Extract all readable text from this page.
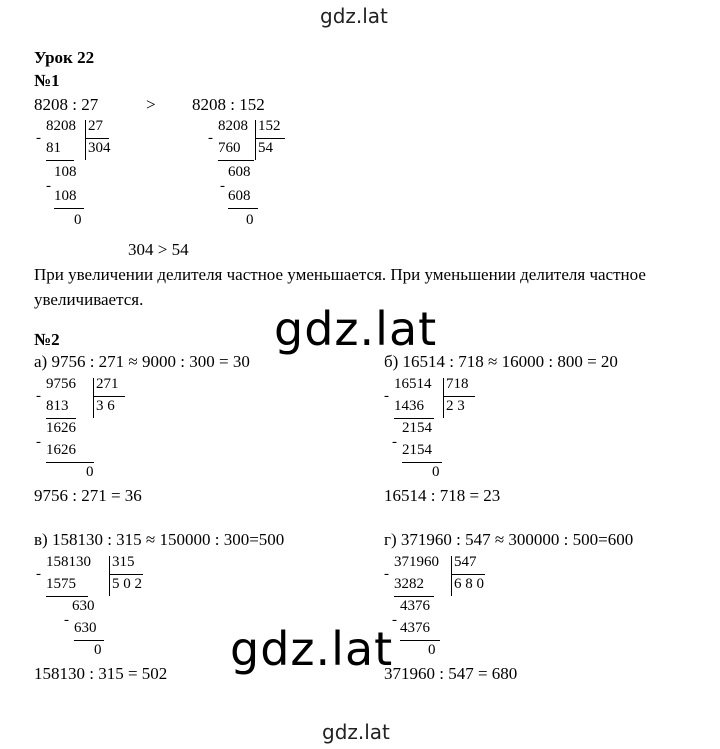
gdz.lat
gdz.lat
gdz.lat
gdz.lat
Урок 22
№1
8208 : 27	> 8208 : 152
8208 27
-
81 304
108
-
108
0
8208 152
-
760 54
608
-
608
0
304 > 54
При увеличении делителя частное уменьшается. При уменьшении делителя частное увеличивается.
№2
а) 9756 : 271 ≈ 9000 : 300 = 30
9756 271
-
813 3 6
1626
- 1626
0
9756 : 271 = 36
б) 16514 : 718 ≈ 16000 : 800 = 20
16514 718
-
1436 2 3
2154
- 2154
0
16514 : 718 = 23
в) 158130 : 315 ≈ 150000 : 300=500
158130 315
-
1575 5 0 2
630
- 630
0
158130 : 315 = 502
г) 371960 : 547 ≈ 300000 : 500=600
371960 547
-
3282 6 8 0
4376
- 4376
0
371960 : 547 = 680
